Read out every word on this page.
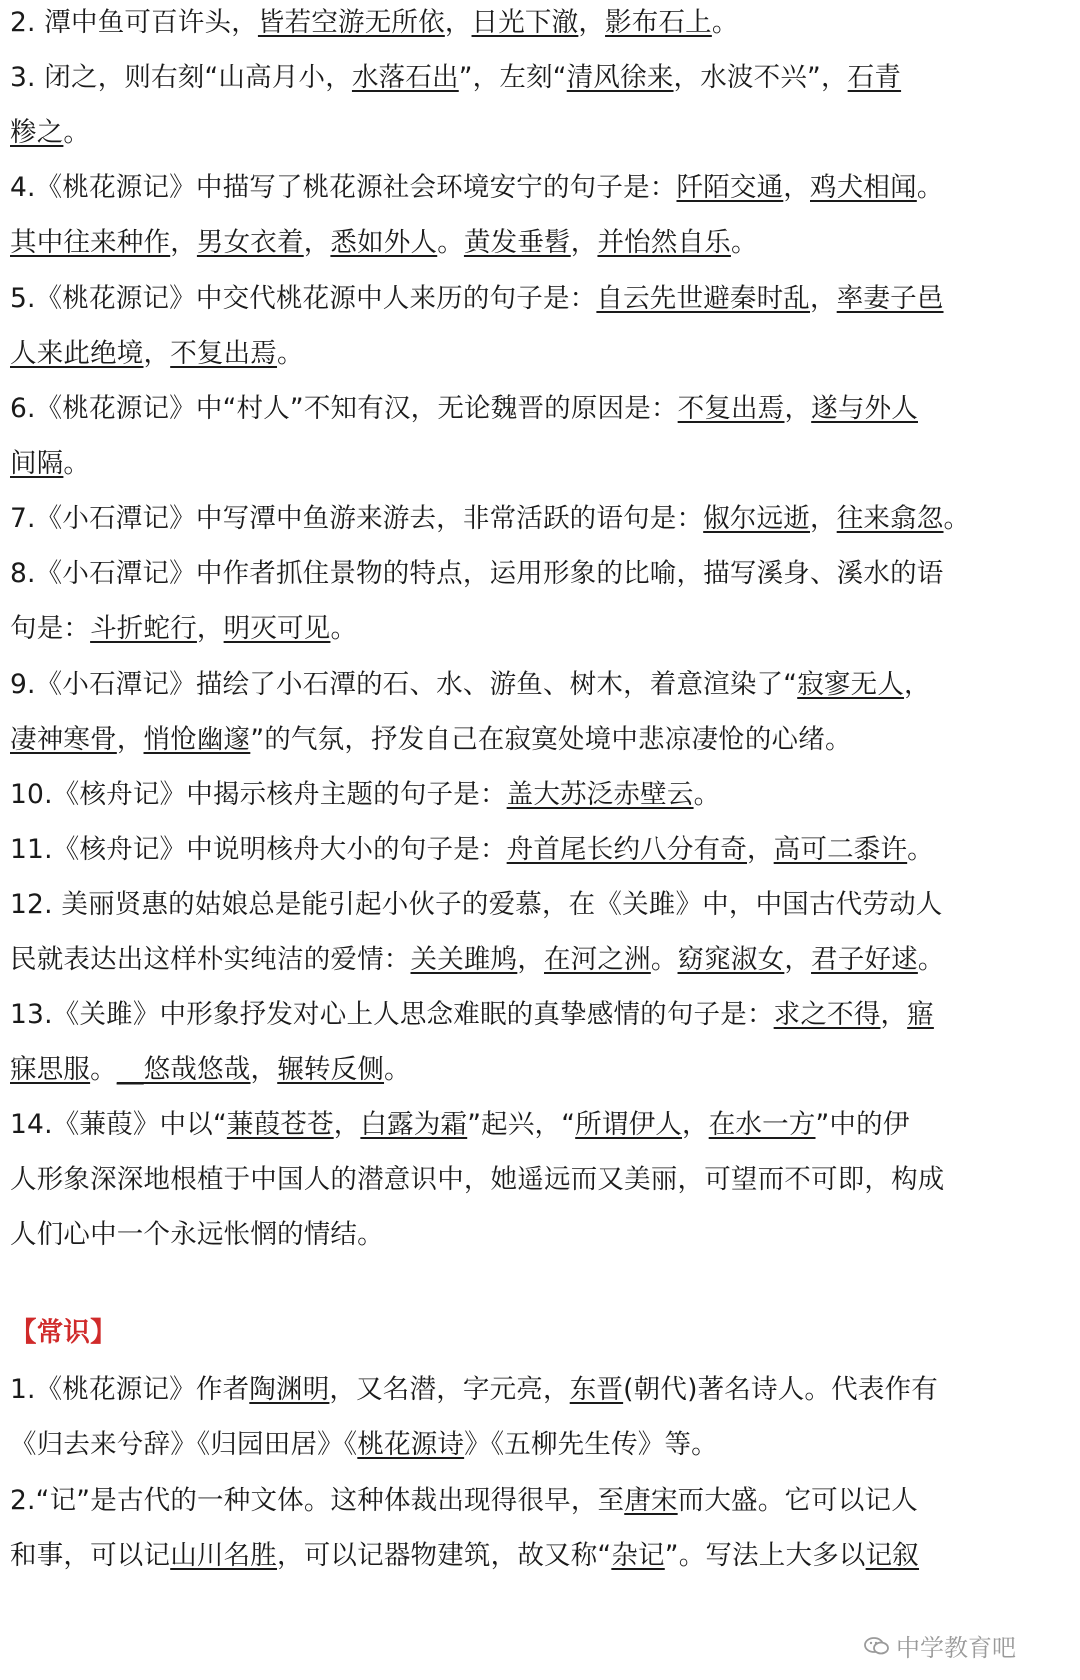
2. 潭中鱼可百许头，皆若空游无所依，日光下澈，影布石上。
3. 闭之，则右刻“山高月小，水落石出”，左刻“清风徐来，水波不兴”，石青
糁之。
4.《桃花源记》中描写了桃花源社会环境安宁的句子是：阡陌交通，鸡犬相闻。
其中往来种作，男女衣着，悉如外人。黄发垂髫，并怡然自乐。
5.《桃花源记》中交代桃花源中人来历的句子是：自云先世避秦时乱，率妻子邑
人来此绝境，不复出焉。
6.《桃花源记》中“村人”不知有汉，无论魏晋的原因是：不复出焉，遂与外人
间隔。
7.《小石潭记》中写潭中鱼游来游去，非常活跃的语句是：俶尔远逝，往来翕忽。
8.《小石潭记》中作者抓住景物的特点，运用形象的比喻，描写溪身、溪水的语
句是：斗折蛇行，明灭可见。
9.《小石潭记》描绘了小石潭的石、水、游鱼、树木，着意渲染了“寂寥无人，
凄神寒骨，悄怆幽邃”的气氛，抒发自己在寂寞处境中悲凉凄怆的心绪。
10.《核舟记》中揭示核舟主题的句子是：盖大苏泛赤壁云。
11.《核舟记》中说明核舟大小的句子是：舟首尾长约八分有奇，高可二黍许。
12. 美丽贤惠的姑娘总是能引起小伙子的爱慕，在《关雎》中，中国古代劳动人
民就表达出这样朴实纯洁的爱情：关关雎鸠，在河之洲。窈窕淑女，君子好逑。
13.《关雎》中形象抒发对心上人思念难眠的真挚感情的句子是：求之不得，寤
寐思服。__悠哉悠哉，辗转反侧。
14.《蒹葭》中以“蒹葭苍苍，白露为霜”起兴，“所谓伊人，在水一方”中的伊
人形象深深地根植于中国人的潜意识中，她遥远而又美丽，可望而不可即，构成
人们心中一个永远怅惘的情结。
【常识】
1.《桃花源记》作者陶渊明，又名潜，字元亮，东晋(朝代)著名诗人。代表作有
《归去来兮辞》《归园田居》《桃花源诗》《五柳先生传》等。
2.“记”是古代的一种文体。这种体裁出现得很早，至唐宋而大盛。它可以记人
和事，可以记山川名胜，可以记器物建筑，故又称“杂记”。写法上大多以记叙
中学教育吧
